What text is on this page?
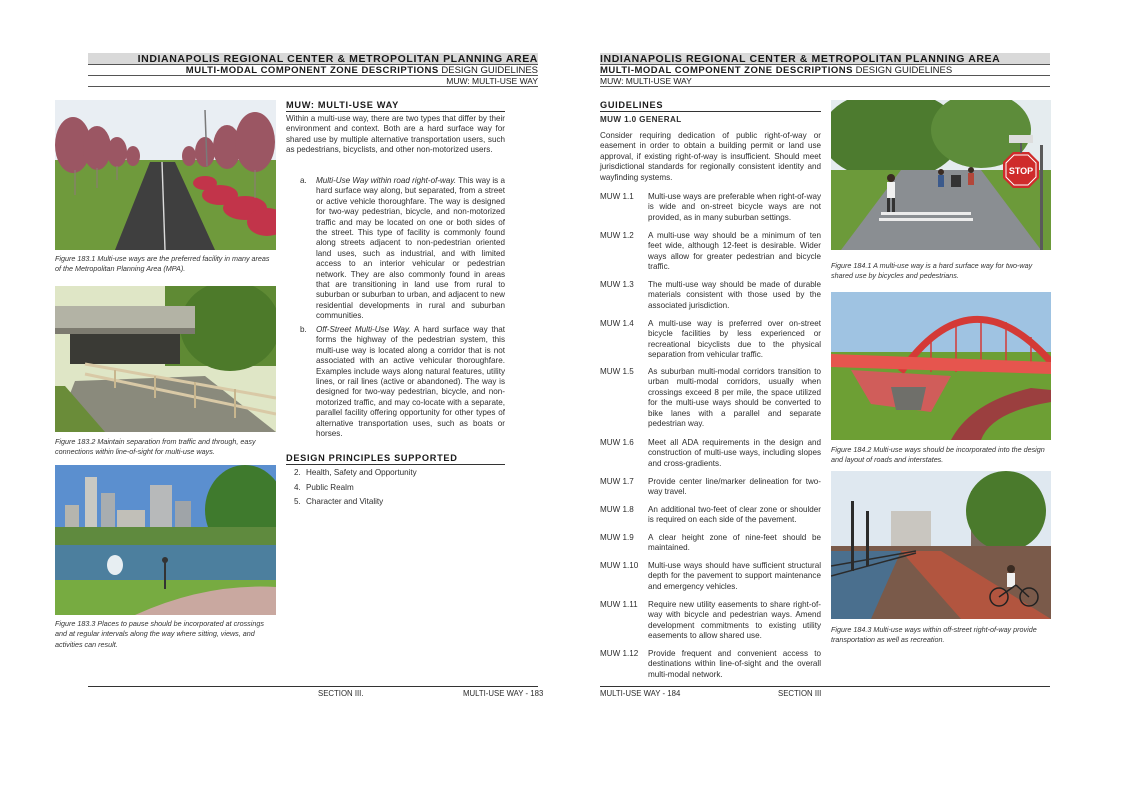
INDIANAPOLIS REGIONAL CENTER & METROPOLITAN PLANNING AREA
MULTI-MODAL COMPONENT ZONE DESCRIPTIONS DESIGN GUIDELINES
MUW: MULTI-USE WAY
Figure 183.1 Multi-use ways are the preferred facility in many areas of the Metropolitan Planning Area (MPA).
Figure 183.2 Maintain separation from traffic and through, easy connections within line-of-sight for multi-use ways.
Figure 183.3 Places to pause should be incorporated at crossings and at regular intervals along the way where sitting, views, and activities can result.
MUW: MULTI-USE WAY

Within a multi-use way, there are two types that differ by their environment and context. Both are a hard surface way for shared use by multiple alternative transportation users, such as pedestrians, bicyclists, and other non-motorized users.

a. Multi-Use Way within road right-of-way. This way is a hard surface way along, but separated, from a street or active vehicle thoroughfare. The way is designed for two-way pedestrian, bicycle, and non-motorized traffic and may be located on one or both sides of the street. This type of facility is commonly found along streets adjacent to non-pedestrian oriented land uses, such as industrial, and with limited access to an interior vehicular or pedestrian network. They are also commonly found in areas that are transitioning in land use from rural to suburban or suburban to urban, and adjacent to new residential developments in rural and suburban communities.
b. Off-Street Multi-Use Way. A hard surface way that forms the highway of the pedestrian system, this multi-use way is located along a corridor that is not associated with an active vehicular thoroughfare. Examples include ways along natural features, utility lines, or rail lines (active or abandoned). The way is designed for two-way pedestrian, bicycle, and non-motorized traffic, and may co-locate with a separate, parallel facility offering opportunity for other types of alternative transportation uses, such as boats or horses.
DESIGN PRINCIPLES SUPPORTED
2. Health, Safety and Opportunity
4. Public Realm
5. Character and Vitality
SECTION III.	MULTI-USE WAY - 183
INDIANAPOLIS REGIONAL CENTER & METROPOLITAN PLANNING AREA
MULTI-MODAL COMPONENT ZONE DESCRIPTIONS DESIGN GUIDELINES
MUW: MULTI-USE WAY
GUIDELINES
MUW 1.0 GENERAL

Consider requiring dedication of public right-of-way or easement in order to obtain a building permit or land use approval, if existing right-of-way is insufficient. Should meet jurisdictional standards for regionally consistent identity and wayfinding systems.

MUW 1.1	Multi-use ways are preferable when right-of-way is wide and on-street bicycle ways are not provided, as in many suburban settings.
MUW 1.2	A multi-use way should be a minimum of ten feet wide, although 12-feet is desirable. Wider ways allow for greater pedestrian and bicycle traffic.
MUW 1.3	The multi-use way should be made of durable materials consistent with those used by the associated jurisdiction.
MUW 1.4	A multi-use way is preferred over on-street bicycle facilities by less experienced or recreational bicyclists due to the physical separation from vehicular traffic.
MUW 1.5	As suburban multi-modal corridors transition to urban multi-modal corridors, usually when crossings exceed 8 per mile, the space utilized for the multi-use ways should be converted to bike lanes with a parallel and separate pedestrian way.
MUW 1.6	Meet all ADA requirements in the design and construction of multi-use ways, including slopes and cross-gradients.
MUW 1.7	Provide center line/marker delineation for two-way travel.
MUW 1.8	An additional two-feet of clear zone or shoulder is required on each side of the pavement.
MUW 1.9	A clear height zone of nine-feet should be maintained.
MUW 1.10	Multi-use ways should have sufficient structural depth for the pavement to support maintenance and emergency vehicles.
MUW 1.11	Require new utility easements to share right-of-way with bicycle and pedestrian ways. Amend development commitments to existing utility easements to allow shared use.
MUW 1.12	Provide frequent and convenient access to destinations within line-of-sight and the overall multi-modal network.
STOP
Figure 184.1 A multi-use way is a hard surface way for two-way shared use by bicycles and pedestrians.
Figure 184.2 Multi-use ways should be incorporated into the design and layout of roads and interstates.
Figure 184.3 Multi-use ways within off-street right-of-way provide transportation as well as recreation.
MULTI-USE WAY - 184	SECTION III
